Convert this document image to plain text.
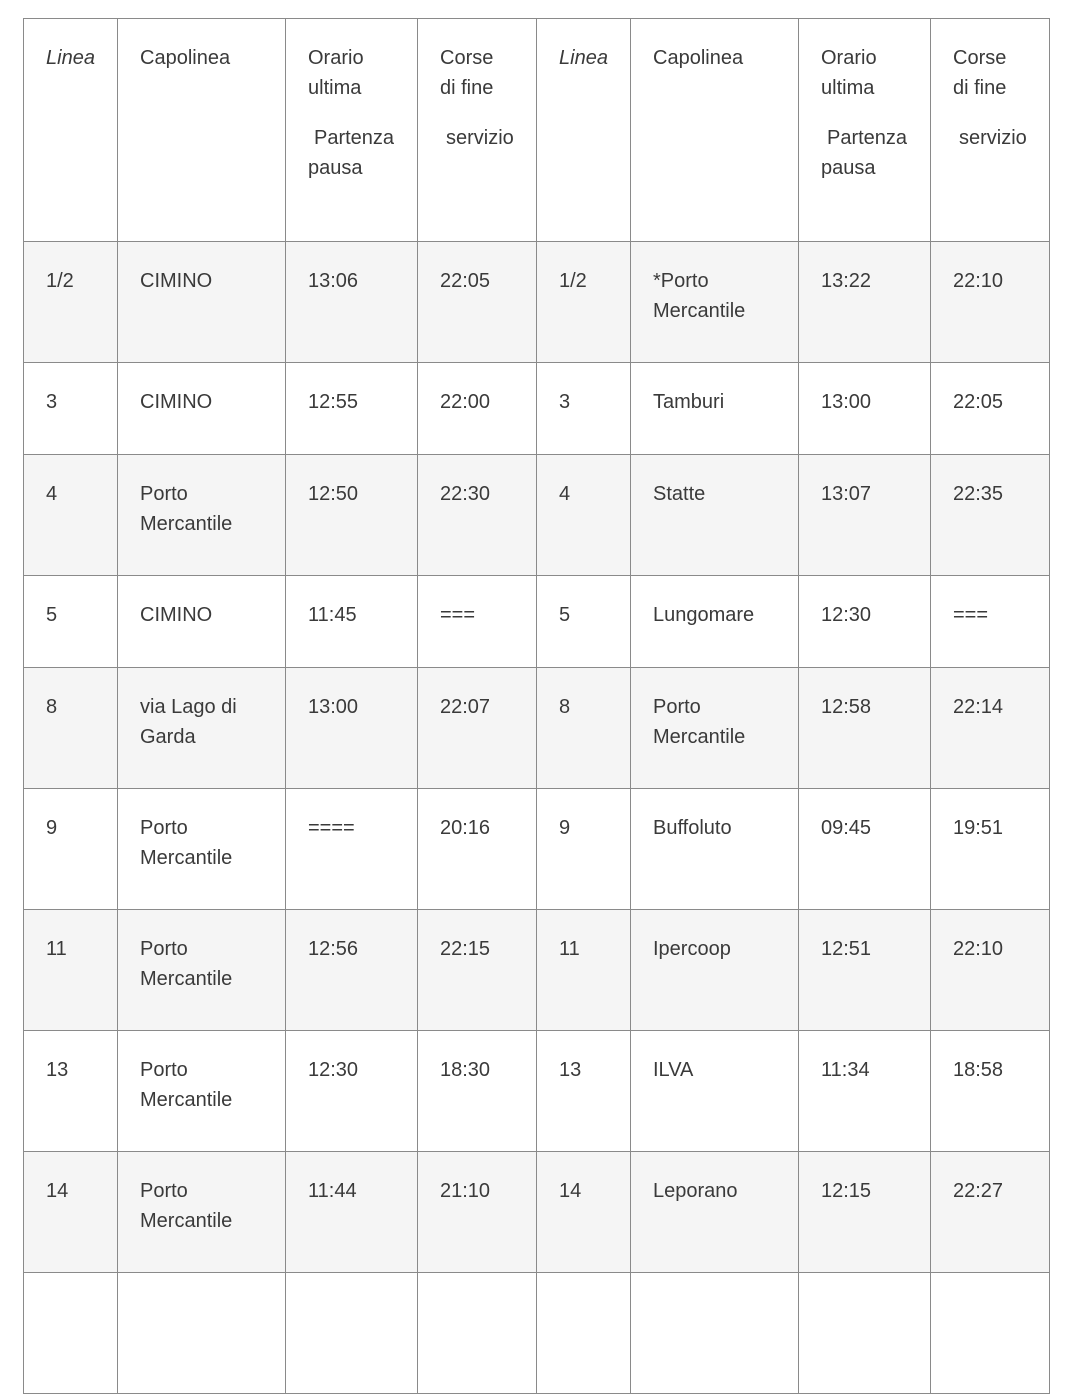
Linea	Capolinea	Orario
ultima
Partenza
pausa	Corse
di fine
servizio	Linea	Capolinea	Orario
ultima
Partenza
pausa	Corse
di fine
servizio

1/2	CIMINO	13:06	22:05	1/2	*Porto Mercantile	13:22	22:10
3	CIMINO	12:55	22:00	3	Tamburi	13:00	22:05
4	Porto Mercantile	12:50	22:30	4	Statte	13:07	22:35
5	CIMINO	11:45	===	5	Lungomare	12:30	===
8	via Lago di Garda	13:00	22:07	8	Porto Mercantile	12:58	22:14
9	Porto Mercantile	====	20:16	9	Buffoluto	09:45	19:51
11	Porto Mercantile	12:56	22:15	11	Ipercoop	12:51	22:10
13	Porto Mercantile	12:30	18:30	13	ILVA	11:34	18:58
14	Porto Mercantile	11:44	21:10	14	Leporano	12:15	22:27
